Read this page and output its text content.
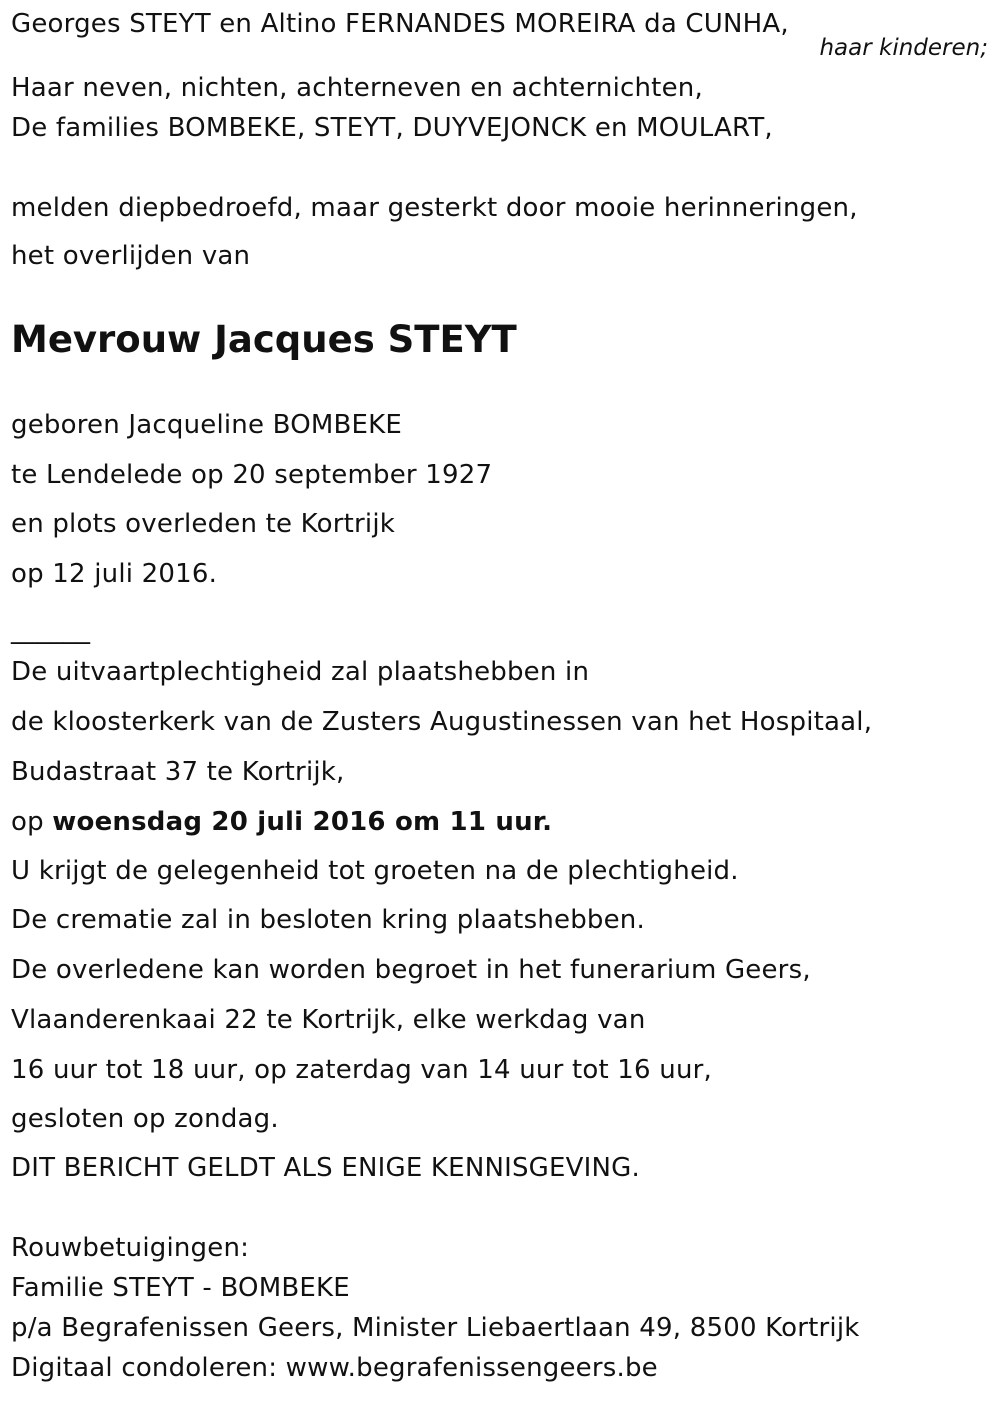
Georges STEYT en Altino FERNANDES MOREIRA da CUNHA,
haar kinderen;
Haar neven, nichten, achterneven en achternichten,
De families BOMBEKE, STEYT, DUYVEJONCK en MOULART,
melden diepbedroefd, maar gesterkt door mooie herinneringen,
het overlijden van
Mevrouw Jacques STEYT
geboren Jacqueline BOMBEKE
te Lendelede op 20 september 1927
en plots overleden te Kortrijk
op 12 juli 2016.
______
De uitvaartplechtigheid zal plaatshebben in
de kloosterkerk van de Zusters Augustinessen van het Hospitaal,
Budastraat 37 te Kortrijk,
op woensdag 20 juli 2016 om 11 uur.
U krijgt de gelegenheid tot groeten na de plechtigheid.
De crematie zal in besloten kring plaatshebben.
De overledene kan worden begroet in het funerarium Geers,
Vlaanderenkaai 22 te Kortrijk, elke werkdag van
16 uur tot 18 uur, op zaterdag van 14 uur tot 16 uur,
gesloten op zondag.
DIT BERICHT GELDT ALS ENIGE KENNISGEVING.
Rouwbetuigingen:
Familie STEYT - BOMBEKE
p/a Begrafenissen Geers, Minister Liebaertlaan 49, 8500 Kortrijk
Digitaal condoleren: www.begrafenissengeers.be
